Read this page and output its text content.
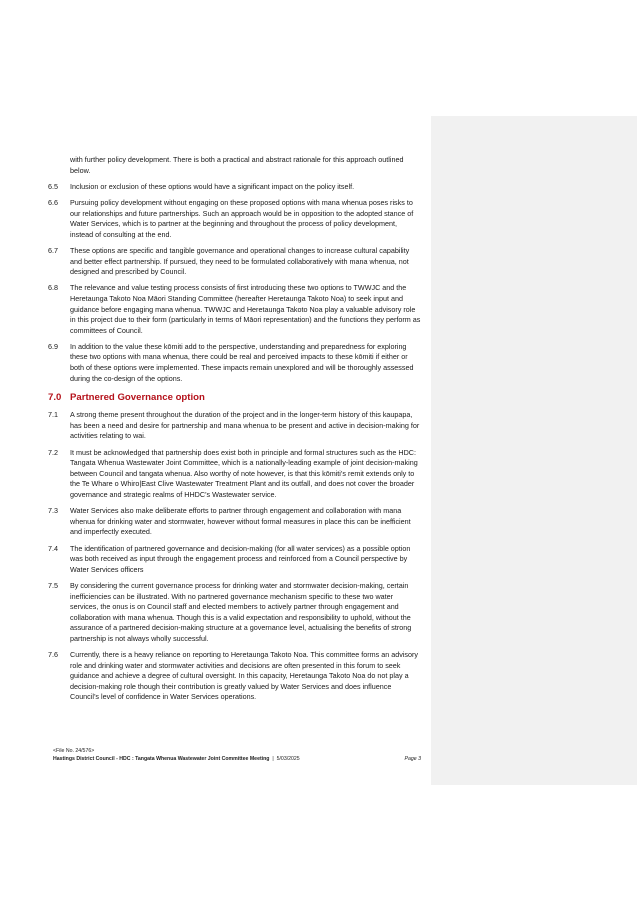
with further policy development. There is both a practical and abstract rationale for this approach outlined below.
6.5	Inclusion or exclusion of these options would have a significant impact on the policy itself.
6.6	Pursuing policy development without engaging on these proposed options with mana whenua poses risks to our relationships and future partnerships. Such an approach would be in opposition to the adopted stance of Water Services, which is to partner at the beginning and throughout the process of policy development, instead of consulting at the end.
6.7	These options are specific and tangible governance and operational changes to increase cultural capability and better effect partnership. If pursued, they need to be formulated collaboratively with mana whenua, not designed and prescribed by Council.
6.8	The relevance and value testing process consists of first introducing these two options to TWWJC and the Heretaunga Takoto Noa Māori Standing Committee (hereafter Heretaunga Takoto Noa) to seek input and guidance before engaging mana whenua. TWWJC and Heretaunga Takoto Noa play a valuable advisory role in this project due to their form (particularly in terms of Māori representation) and the functions they perform as committees of Council.
6.9	In addition to the value these kōmiti add to the perspective, understanding and preparedness for exploring these two options with mana whenua, there could be real and perceived impacts to these kōmiti if either or both of these options were implemented. These impacts remain unexplored and will be thoroughly assessed during the co-design of the options.
7.0 Partnered Governance option
7.1	A strong theme present throughout the duration of the project and in the longer-term history of this kaupapa, has been a need and desire for partnership and mana whenua to be present and active in decision-making for activities relating to wai.
7.2	It must be acknowledged that partnership does exist both in principle and formal structures such as the HDC: Tangata Whenua Wastewater Joint Committee, which is a nationally-leading example of joint decision-making between Council and tangata whenua. Also worthy of note however, is that this kōmiti’s remit extends only to the Te Whare o Whiro|East Clive Wastewater Treatment Plant and its outfall, and does not cover the broader governance and strategic realms of HHDC’s Wastewater service.
7.3	Water Services also make deliberate efforts to partner through engagement and collaboration with mana whenua for drinking water and stormwater, however without formal measures in place this can be inefficient and imperfectly executed.
7.4	The identification of partnered governance and decision-making (for all water services) as a possible option was both received as input through the engagement process and reinforced from a Council perspective by Water Services officers
7.5	By considering the current governance process for drinking water and stormwater decision-making, certain inefficiencies can be illustrated. With no partnered governance mechanism specific to these two water services, the onus is on Council staff and elected members to actively partner through engagement and collaboration with mana whenua. Though this is a valid expectation and responsibility to uphold, without the assurance of a partnered decision-making structure at a governance level, actualising the benefits of strong partnership is not always wholly successful.
7.6	Currently, there is a heavy reliance on reporting to Heretaunga Takoto Noa. This committee forms an advisory role and drinking water and stormwater activities and decisions are often presented in this forum to seek guidance and achieve a degree of cultural oversight. In this capacity, Heretaunga Takoto Noa do not play a decision-making role though their contribution is greatly valued by Water Services and does influence Council’s level of confidence in Water Services operations.
<File No. 24/576>
Hastings District Council - HDC : Tangata Whenua Wastewater Joint Committee Meeting | 5/03/2025	Page 3
